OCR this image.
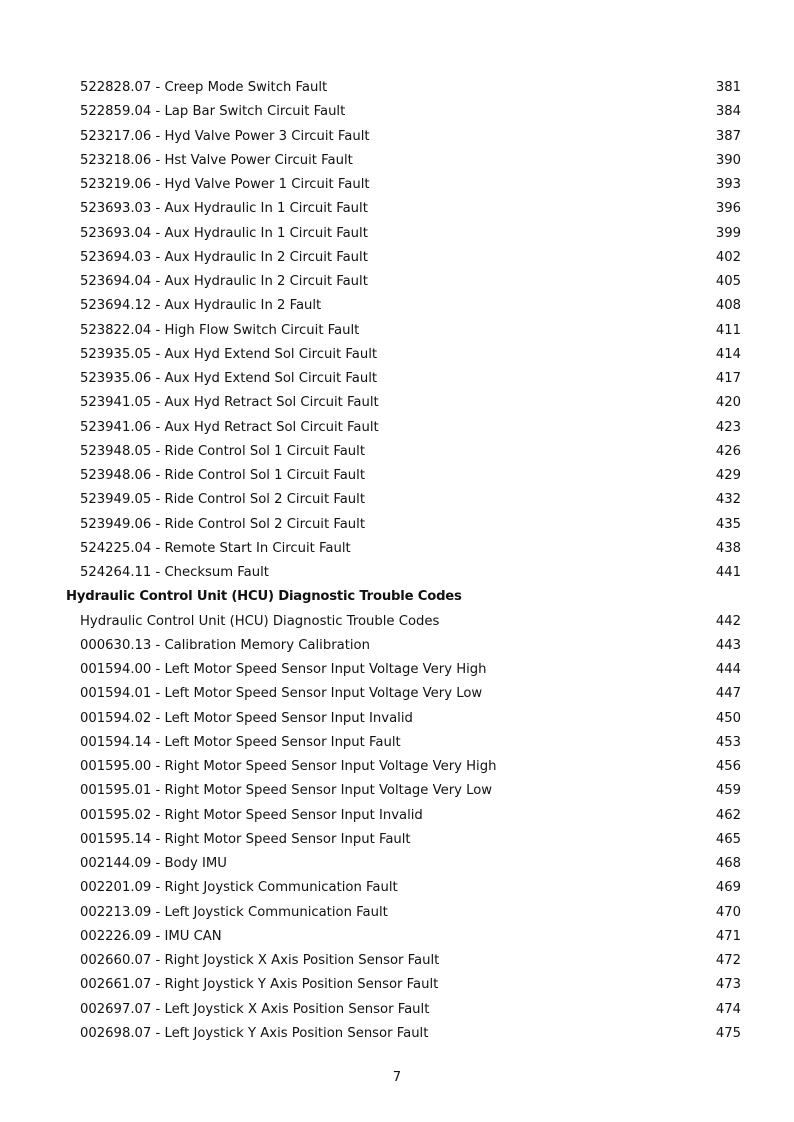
522828.07 - Creep Mode Switch Fault	381
522859.04 - Lap Bar Switch Circuit Fault	384
523217.06 - Hyd Valve Power 3 Circuit Fault	387
523218.06 - Hst Valve Power Circuit Fault	390
523219.06 - Hyd Valve Power 1 Circuit Fault	393
523693.03 - Aux Hydraulic In 1 Circuit Fault	396
523693.04 - Aux Hydraulic In 1 Circuit Fault	399
523694.03 - Aux Hydraulic In 2 Circuit Fault	402
523694.04 - Aux Hydraulic In 2 Circuit Fault	405
523694.12 - Aux Hydraulic In 2 Fault	408
523822.04 - High Flow Switch Circuit Fault	411
523935.05 - Aux Hyd Extend Sol Circuit Fault	414
523935.06 - Aux Hyd Extend Sol Circuit Fault	417
523941.05 - Aux Hyd Retract Sol Circuit Fault	420
523941.06 - Aux Hyd Retract Sol Circuit Fault	423
523948.05 - Ride Control Sol 1 Circuit Fault	426
523948.06 - Ride Control Sol 1 Circuit Fault	429
523949.05 - Ride Control Sol 2 Circuit Fault	432
523949.06 - Ride Control Sol 2 Circuit Fault	435
524225.04 - Remote Start In Circuit Fault	438
524264.11 - Checksum Fault	441
Hydraulic Control Unit (HCU) Diagnostic Trouble Codes
Hydraulic Control Unit (HCU) Diagnostic Trouble Codes	442
000630.13 - Calibration Memory Calibration	443
001594.00 - Left Motor Speed Sensor Input Voltage Very High	444
001594.01 - Left Motor Speed Sensor Input Voltage Very Low	447
001594.02 - Left Motor Speed Sensor Input Invalid	450
001594.14 - Left Motor Speed Sensor Input Fault	453
001595.00 - Right Motor Speed Sensor Input Voltage Very High	456
001595.01 - Right Motor Speed Sensor Input Voltage Very Low	459
001595.02 - Right Motor Speed Sensor Input Invalid	462
001595.14 - Right Motor Speed Sensor Input Fault	465
002144.09 - Body IMU	468
002201.09 - Right Joystick Communication Fault	469
002213.09 - Left Joystick Communication Fault	470
002226.09 - IMU CAN	471
002660.07 - Right Joystick X Axis Position Sensor Fault	472
002661.07 - Right Joystick Y Axis Position Sensor Fault	473
002697.07 - Left Joystick X Axis Position Sensor Fault	474
002698.07 - Left Joystick Y Axis Position Sensor Fault	475
7
